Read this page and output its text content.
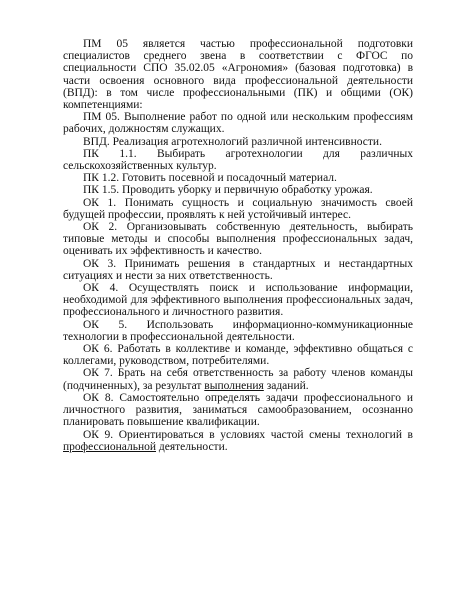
ПМ 05 является частью профессиональной подготовки специалистов среднего звена в соответствии с ФГОС по специальности СПО 35.02.05 «Агрономия» (базовая подготовка) в части освоения основного вида профессиональной деятельности (ВПД): в том числе профессиональными (ПК) и общими (ОК) компетенциями:

ПМ 05. Выполнение работ по одной или нескольким профессиям рабочих, должностям служащих.

ВПД. Реализация агротехнологий различной интенсивности.

ПК 1.1. Выбирать агротехнологии для различных сельскохозяйственных культур.

ПК 1.2. Готовить посевной и посадочный материал.

ПК 1.5. Проводить уборку и первичную обработку урожая.

ОК 1. Понимать сущность и социальную значимость своей будущей профессии, проявлять к ней устойчивый интерес.

ОК 2. Организовывать собственную деятельность, выбирать типовые методы и способы выполнения профессиональных задач, оценивать их эффективность и качество.

ОК 3. Принимать решения в стандартных и нестандартных ситуациях и нести за них ответственность.

ОК 4. Осуществлять поиск и использование информации, необходимой для эффективного выполнения профессиональных задач, профессионального и личностного развития.

ОК 5. Использовать информационно-коммуникационные технологии в профессиональной деятельности.

ОК 6. Работать в коллективе и команде, эффективно общаться с коллегами, руководством, потребителями.

ОК 7. Брать на себя ответственность за работу членов команды (подчиненных), за результат выполнения заданий.

ОК 8. Самостоятельно определять задачи профессионального и личностного развития, заниматься самообразованием, осознанно планировать повышение квалификации.

ОК 9. Ориентироваться в условиях частой смены технологий в профессиональной деятельности.
